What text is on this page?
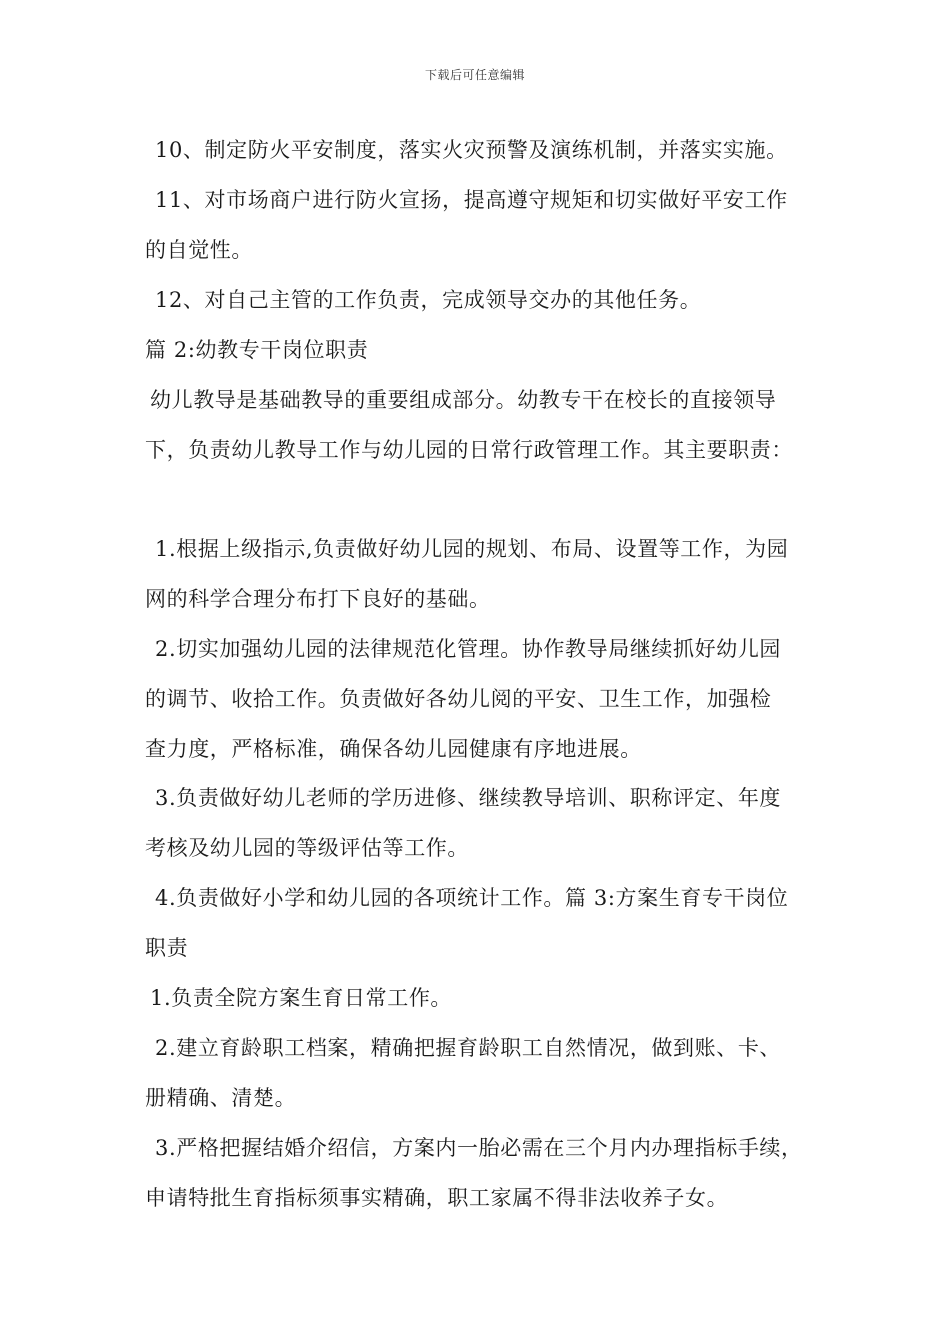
下载后可任意编辑
10、制定防火平安制度，落实火灾预警及演练机制，并落实实施。
11、对市场商户进行防火宣扬，提高遵守规矩和切实做好平安工作
的自觉性。
12、对自己主管的工作负责，完成领导交办的其他任务。
篇 2:幼教专干岗位职责
幼儿教导是基础教导的重要组成部分。幼教专干在校长的直接领导
下，负责幼儿教导工作与幼儿园的日常行政管理工作。其主要职责：
1.根据上级指示,负责做好幼儿园的规划、布局、设置等工作，为园
网的科学合理分布打下良好的基础。
2.切实加强幼儿园的法律规范化管理。协作教导局继续抓好幼儿园
的调节、收拾工作。负责做好各幼儿阅的平安、卫生工作，加强检
查力度，严格标准，确保各幼儿园健康有序地进展。
3.负责做好幼儿老师的学历进修、继续教导培训、职称评定、年度
考核及幼儿园的等级评估等工作。
4.负责做好小学和幼儿园的各项统计工作。篇 3:方案生育专干岗位
职责
1.负责全院方案生育日常工作。
2.建立育龄职工档案，精确把握育龄职工自然情况，做到账、卡、
册精确、清楚。
3.严格把握结婚介绍信，方案内一胎必需在三个月内办理指标手续，
申请特批生育指标须事实精确，职工家属不得非法收养子女。
